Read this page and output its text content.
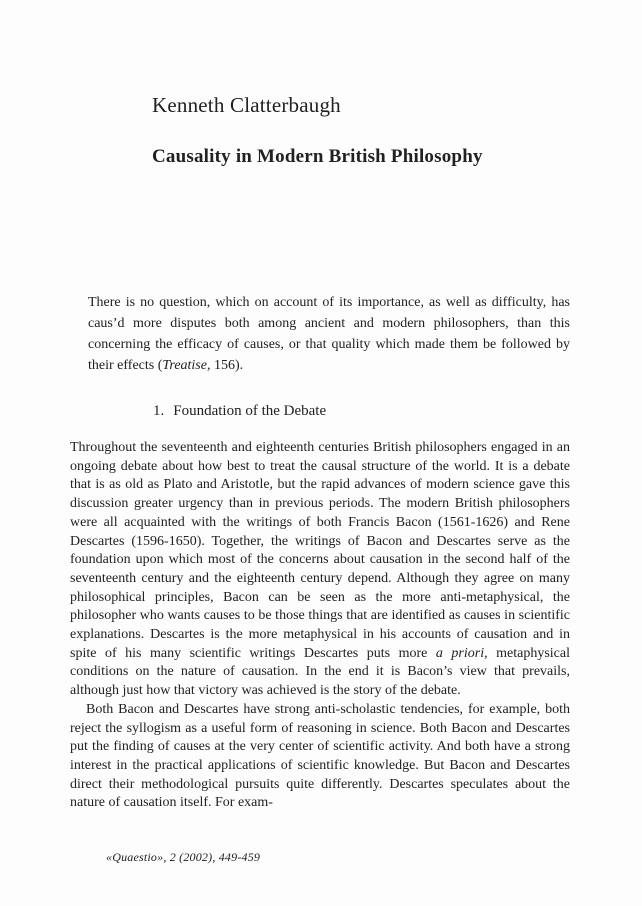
Kenneth Clatterbaugh
Causality in Modern British Philosophy
There is no question, which on account of its importance, as well as difficulty, has caus’d more disputes both among ancient and modern philosophers, than this concerning the efficacy of causes, or that quality which made them be followed by their effects (Treatise, 156).
1. Foundation of the Debate

Throughout the seventeenth and eighteenth centuries British philosophers engaged in an ongoing debate about how best to treat the causal structure of the world. It is a debate that is as old as Plato and Aristotle, but the rapid advances of modern science gave this discussion greater urgency than in previous periods. The modern British philosophers were all acquainted with the writings of both Francis Bacon (1561-1626) and Rene Descartes (1596-1650). Together, the writings of Bacon and Descartes serve as the foundation upon which most of the concerns about causation in the second half of the seventeenth century and the eighteenth century depend. Although they agree on many philosophical principles, Bacon can be seen as the more anti-metaphysical, the philosopher who wants causes to be those things that are identified as causes in scientific explanations. Descartes is the more metaphysical in his accounts of causation and in spite of his many scientific writings Descartes puts more a priori, metaphysical conditions on the nature of causation. In the end it is Bacon’s view that prevails, although just how that victory was achieved is the story of the debate.

Both Bacon and Descartes have strong anti-scholastic tendencies, for example, both reject the syllogism as a useful form of reasoning in science. Both Bacon and Descartes put the finding of causes at the very center of scientific activity. And both have a strong interest in the practical applications of scientific knowledge. But Bacon and Descartes direct their methodological pursuits quite differently. Descartes speculates about the nature of causation itself. For exam-

«Quaestio», 2 (2002), 449-459
